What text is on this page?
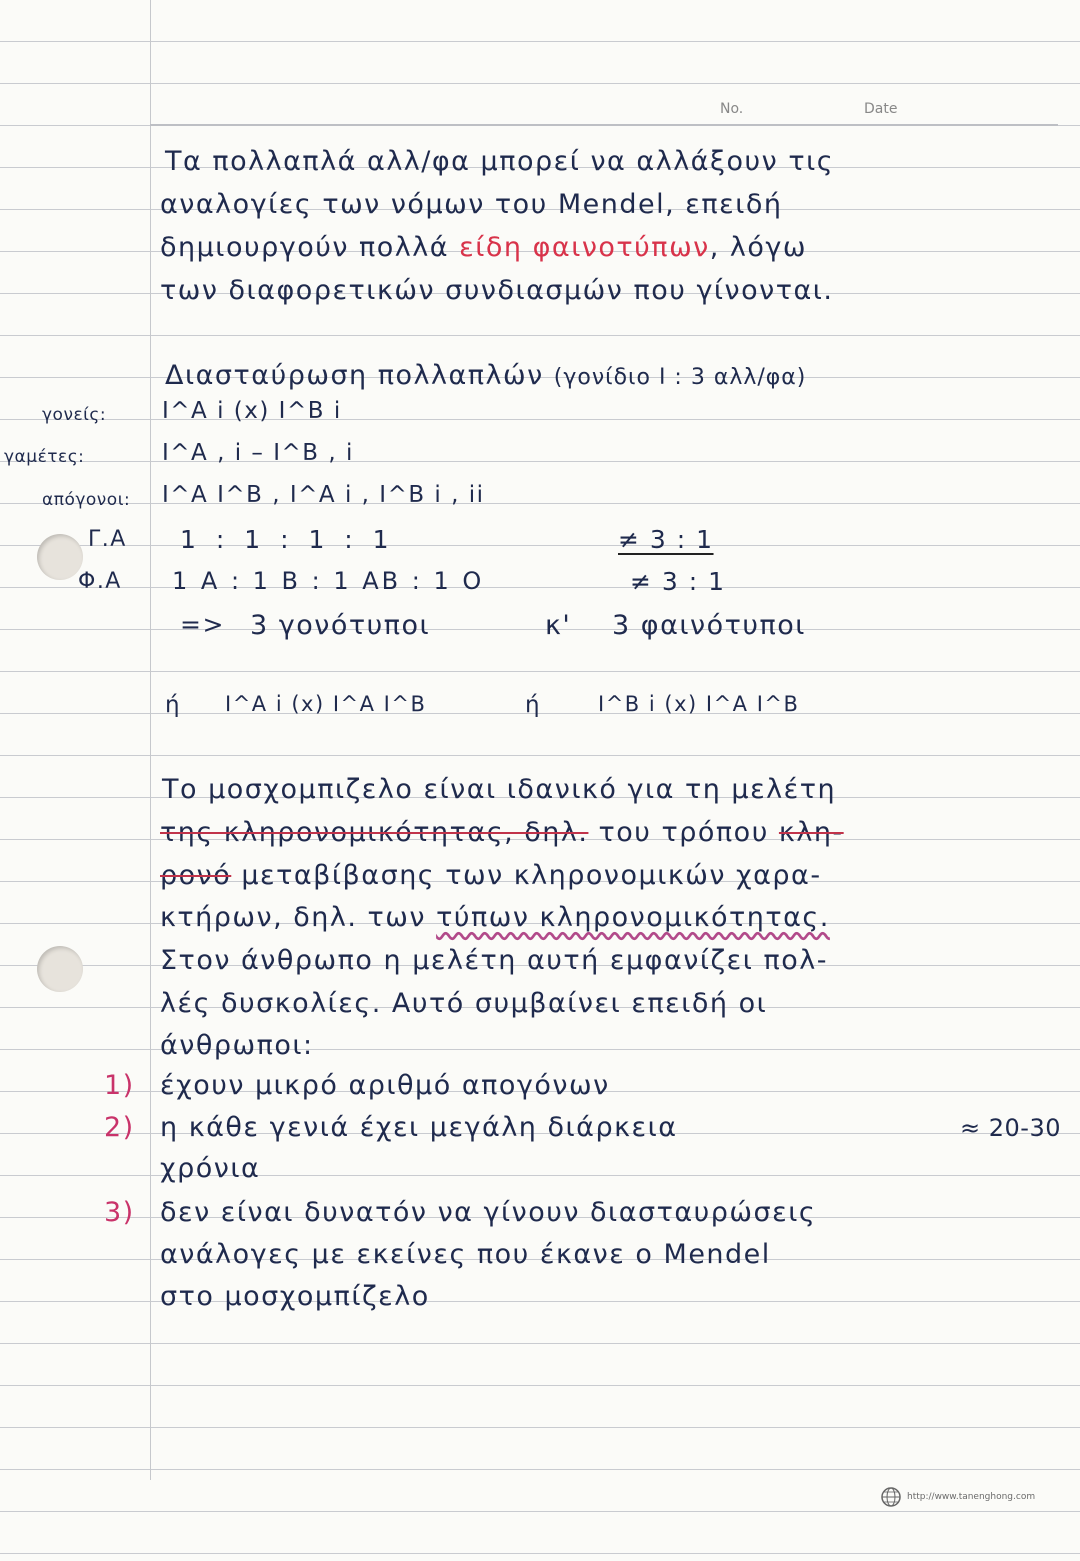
No.	Date
Τα πολλαπλά αλλ/φα μπορεί να αλλάξουν τις
αναλογίες των νόμων του Mendel, επειδή
δημιουργούν πολλά είδη φαινοτύπων, λόγω
των διαφορετικών συνδιασμών που γίνονται.
Διασταύρωση πολλαπλών (γονίδιο Ι : 3 αλλ/φα)
γονείς: Ι^Α i (x) Ι^Β i
γαμέτες:	Ι^Α , i – Ι^Β , i
απόγονοι: Ι^Α Ι^Β , Ι^Α i , Ι^Β i , ii
Γ.Α 1 : 1 : 1 : 1	≠ 3 : 1
Φ.Α 1 A : 1 B : 1 AB : 1 O	≠ 3 : 1
=> 3 γονότυποι	κ' 3 φαινότυποι
ή Ι^Α i (x) Ι^Α Ι^Β	ή	Ι^Β i (x) Ι^Α Ι^Β
Το μοσχομπιζελο είναι ιδανικό για τη μελέτη
της κληρονομικότητας, δηλ. του τρόπου κλη-
ρονό μεταβίβασης των κληρονομικών χαρα-
κτήρων, δηλ. των τύπων κληρονομικότητας.
Στον άνθρωπο η μελέτη αυτή εμφανίζει πολ-
λές δυσκολίες. Αυτό συμβαίνει επειδή οι
άνθρωποι:
1) έχουν μικρό αριθμό απογόνων
2) η κάθε γενιά έχει μεγάλη διάρκεια	≈ 20-30
χρόνια
3) δεν είναι δυνατόν να γίνουν διασταυρώσεις
ανάλογες με εκείνες που έκανε ο Mendel
στο μοσχομπίζελο
http://www.tanenghong.com
